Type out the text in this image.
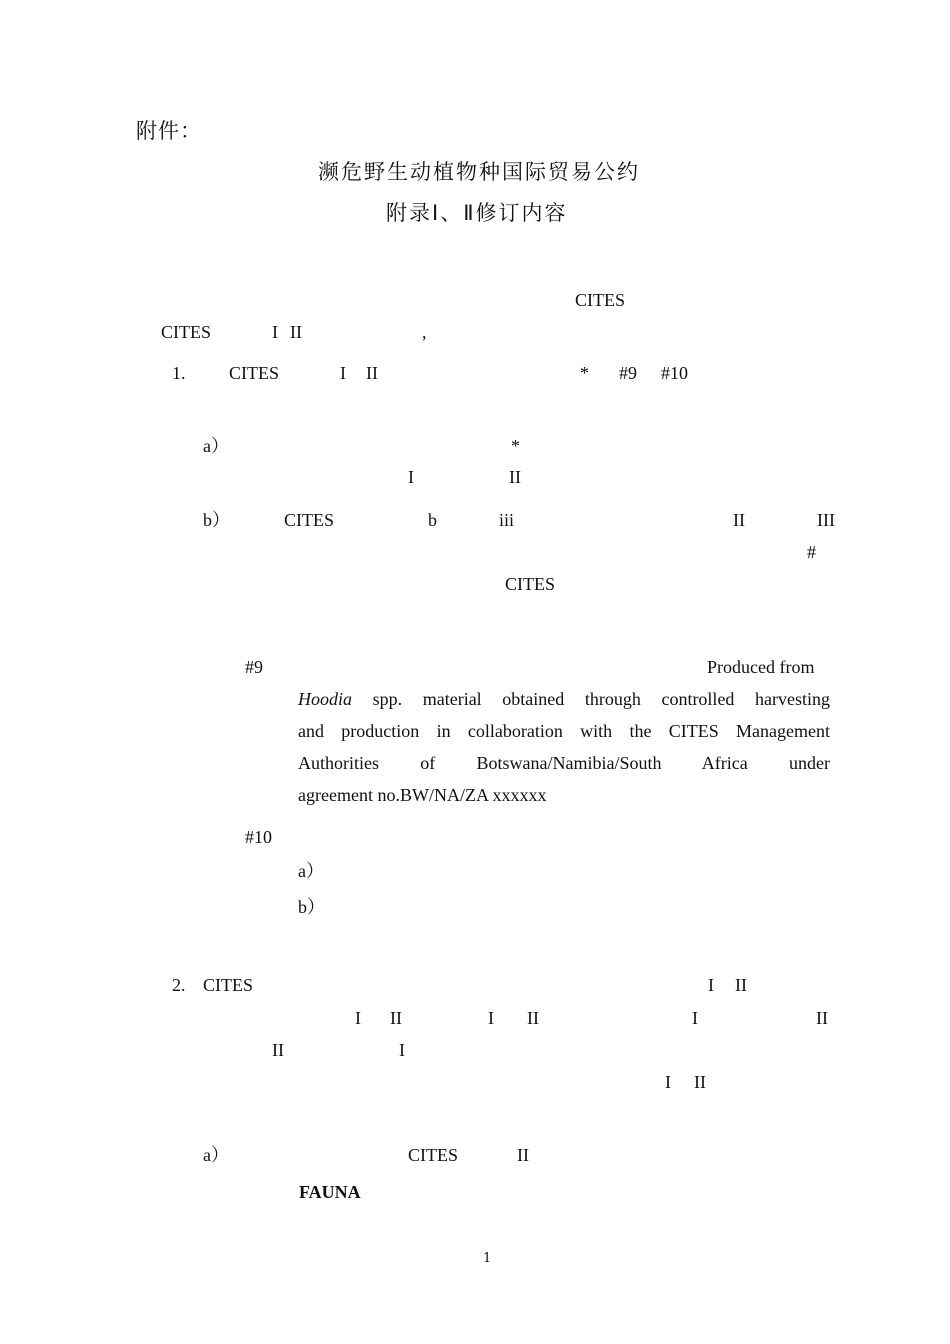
附件：
濒危野生动植物种国际贸易公约
附录Ⅰ、Ⅱ修订内容
CITES
CITES	I II	,
1. CITES	I II	* #9 #10
a）	*
I	II
b）	CITES	b	iii	II	III
#
CITES
#9	Produced from
Hoodia spp. material obtained through controlled harvesting
and production in collaboration with the CITES Management
Authorities of Botswana/Namibia/South Africa under
agreement no.BW/NA/ZA xxxxxx
#10
a）
b）
2. CITES	I II
I II	I II	I	II
II	I
I II
a）	CITES	II
FAUNA
1
